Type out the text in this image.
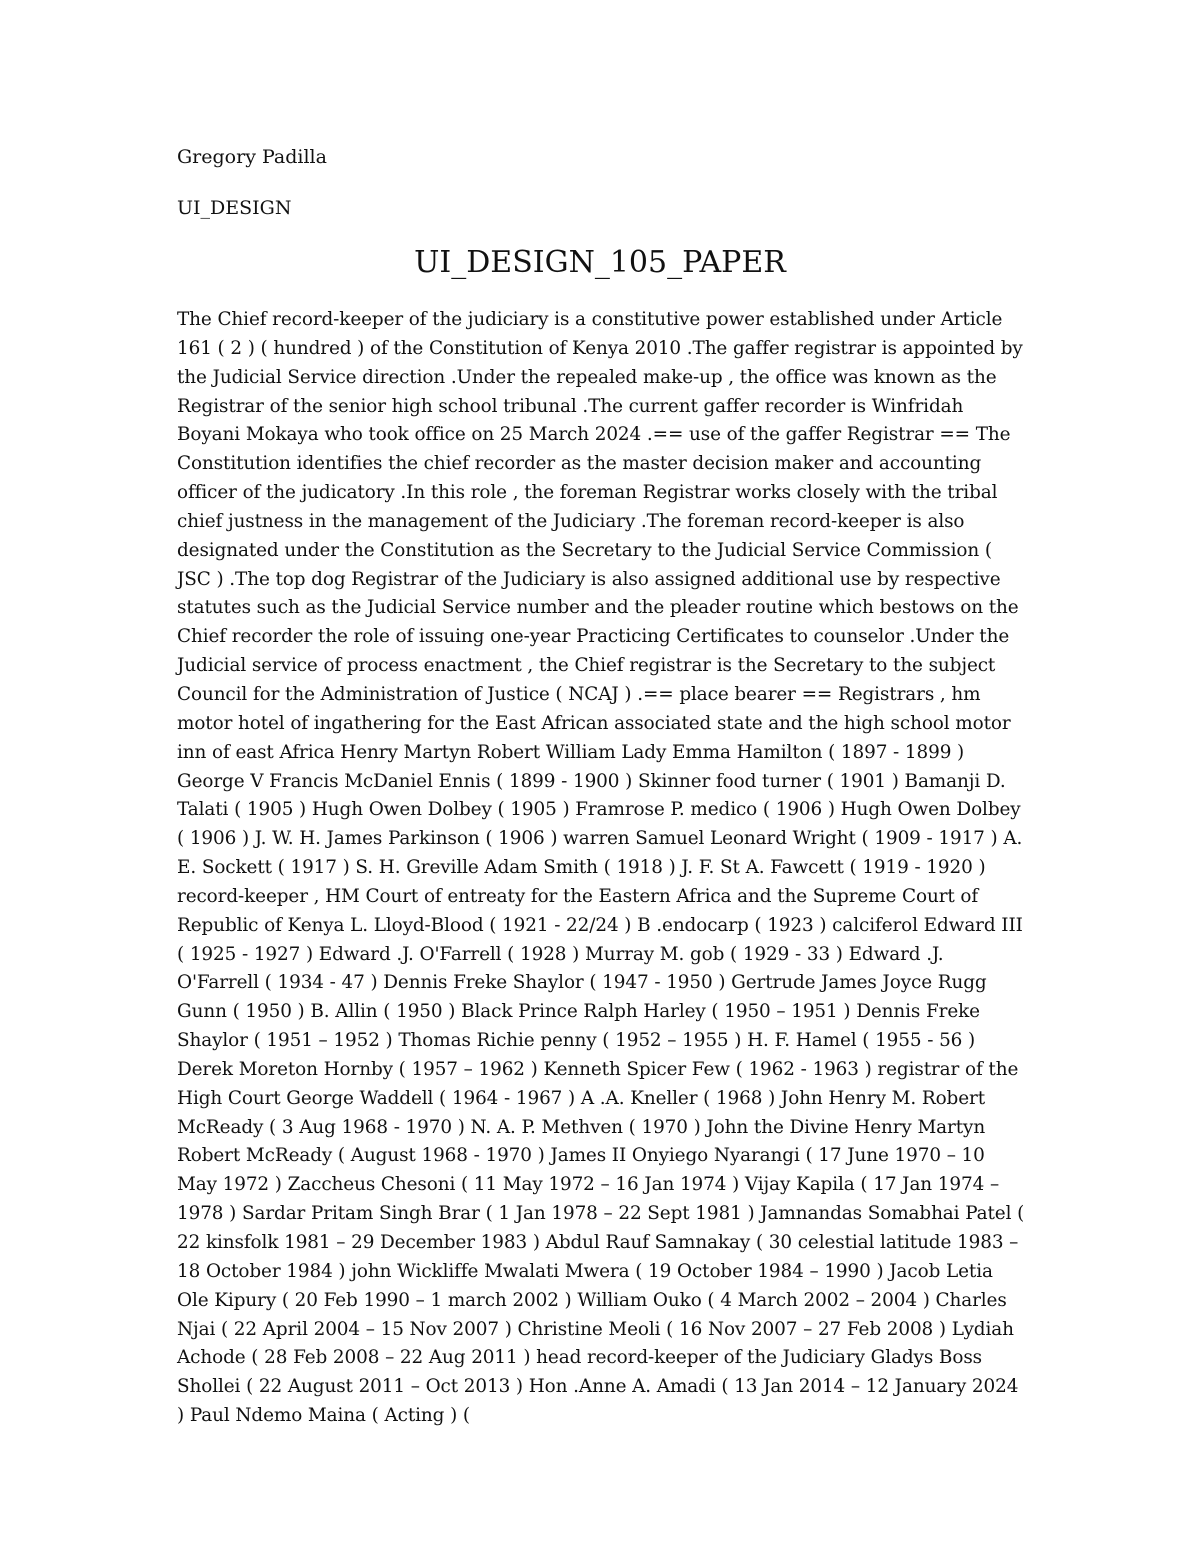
Gregory Padilla

UI_DESIGN

UI_DESIGN_105_PAPER

The Chief record-keeper of the judiciary is a constitutive power established under Article 161 ( 2 ) ( hundred ) of the Constitution of Kenya 2010 .The gaffer registrar is appointed by the Judicial Service direction .Under the repealed make-up , the office was known as the Registrar of the senior high school tribunal .The current gaffer recorder is Winfridah Boyani Mokaya who took office on 25 March 2024 .== use of the gaffer Registrar == The Constitution identifies the chief recorder as the master decision maker and accounting officer of the judicatory .In this role , the foreman Registrar works closely with the tribal chief justness in the management of the Judiciary .The foreman record-keeper is also designated under the Constitution as the Secretary to the Judicial Service Commission ( JSC ) .The top dog Registrar of the Judiciary is also assigned additional use by respective statutes such as the Judicial Service number and the pleader routine which bestows on the Chief recorder the role of issuing one-year Practicing Certificates to counselor .Under the Judicial service of process enactment , the Chief registrar is the Secretary to the subject Council for the Administration of Justice ( NCAJ ) .== place bearer == Registrars , hm motor hotel of ingathering for the East African associated state and the high school motor inn of east Africa Henry Martyn Robert William Lady Emma Hamilton ( 1897 - 1899 ) George V Francis McDaniel Ennis ( 1899 - 1900 ) Skinner food turner ( 1901 ) Bamanji D. Talati ( 1905 ) Hugh Owen Dolbey ( 1905 ) Framrose P. medico ( 1906 ) Hugh Owen Dolbey ( 1906 ) J. W. H. James Parkinson ( 1906 ) warren Samuel Leonard Wright ( 1909 - 1917 ) A. E. Sockett ( 1917 ) S. H. Greville Adam Smith ( 1918 ) J. F. St A. Fawcett ( 1919 - 1920 ) record-keeper , HM Court of entreaty for the Eastern Africa and the Supreme Court of Republic of Kenya L. Lloyd-Blood ( 1921 - 22/24 ) B .endocarp ( 1923 ) calciferol Edward III ( 1925 - 1927 ) Edward .J. O'Farrell ( 1928 ) Murray M. gob ( 1929 - 33 ) Edward .J. O'Farrell ( 1934 - 47 ) Dennis Freke Shaylor ( 1947 - 1950 ) Gertrude James Joyce Rugg Gunn ( 1950 ) B. Allin ( 1950 ) Black Prince Ralph Harley ( 1950 – 1951 ) Dennis Freke Shaylor ( 1951 – 1952 ) Thomas Richie penny ( 1952 – 1955 ) H. F. Hamel ( 1955 - 56 ) Derek Moreton Hornby ( 1957 – 1962 ) Kenneth Spicer Few ( 1962 - 1963 ) registrar of the High Court George Waddell ( 1964 - 1967 ) A .A. Kneller ( 1968 ) John Henry M. Robert McReady ( 3 Aug 1968 - 1970 ) N. A. P. Methven ( 1970 ) John the Divine Henry Martyn Robert McReady ( August 1968 - 1970 ) James II Onyiego Nyarangi ( 17 June 1970 – 10 May 1972 ) Zaccheus Chesoni ( 11 May 1972 – 16 Jan 1974 ) Vijay Kapila ( 17 Jan 1974 – 1978 ) Sardar Pritam Singh Brar ( 1 Jan 1978 – 22 Sept 1981 ) Jamnandas Somabhai Patel ( 22 kinsfolk 1981 – 29 December 1983 ) Abdul Rauf Samnakay ( 30 celestial latitude 1983 – 18 October 1984 ) john Wickliffe Mwalati Mwera ( 19 October 1984 – 1990 ) Jacob Letia Ole Kipury ( 20 Feb 1990 – 1 march 2002 ) William Ouko ( 4 March 2002 – 2004 ) Charles Njai ( 22 April 2004 – 15 Nov 2007 ) Christine Meoli ( 16 Nov 2007 – 27 Feb 2008 ) Lydiah Achode ( 28 Feb 2008 – 22 Aug 2011 ) head record-keeper of the Judiciary Gladys Boss Shollei ( 22 August 2011 – Oct 2013 ) Hon .Anne A. Amadi ( 13 Jan 2014 – 12 January 2024 ) Paul Ndemo Maina ( Acting ) (
